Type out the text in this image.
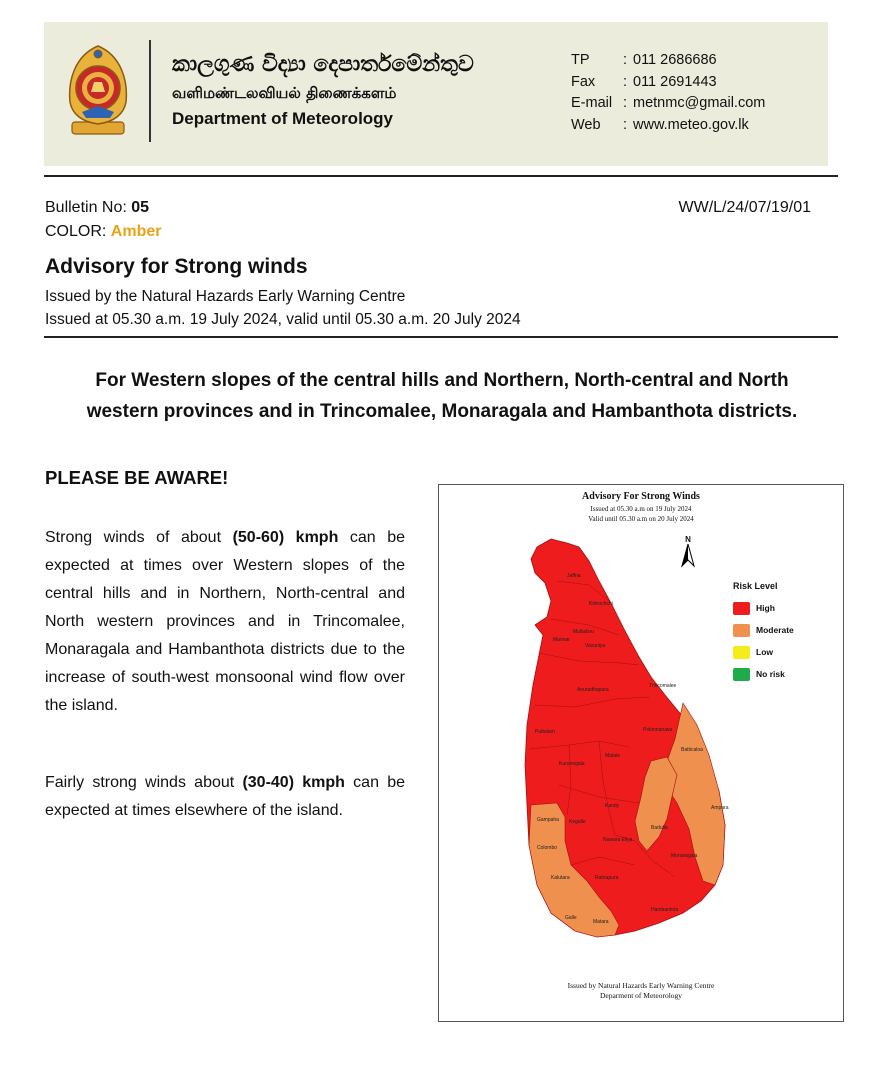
කාලගුණ විද්‍යා දෙපාර්තමේන්තුව
வளிமண்டலவியல் திணைக்களம்
Department of Meteorology
TP	: 011 2686686
Fax	: 011 2691443
E-mail : metnmc@gmail.com
Web	: www.meteo.gov.lk
Bulletin No: 05
COLOR: Amber
WW/L/24/07/19/01
Advisory for Strong winds
Issued by the Natural Hazards Early Warning Centre
Issued at 05.30 a.m. 19 July 2024, valid until 05.30 a.m. 20 July 2024
For Western slopes of the central hills and Northern, North-central and North
western provinces and in Trincomalee, Monaragala and Hambanthota districts.
PLEASE BE AWARE!
Strong winds of about (50-60) kmph can be expected at times over Western slopes of the central hills and in Northern, North-central and North western provinces and in Trincomalee, Monaragala and Hambanthota districts due to the increase of south-west monsoonal wind flow over the island.
Fairly strong winds about (30-40) kmph can be expected at times elsewhere of the island.
Advisory For Strong Winds
Issued at 05.30 a.m on 19 July 2024
Valid until 05.30 a.m on 20 July 2024
Jaffna
Kilinochchi
Mullaitivu
Mannar
Vavuniya
Trincomalee
Anuradhapura
Polonnaruwa
Puttalam
Kurunegala
Matale
Batticaloa
Kandy	Ampara
Gampaha Kegalle
Badulla
Nuwara Eliya
Colombo
Monaragala
Kalutara	Ratnapura
Hambantota
Galle
Matara
N
Risk Level
High
Moderate
Low
No risk
Issued by Natural Hazards Early Warning Centre
Deparment of Meteorology
